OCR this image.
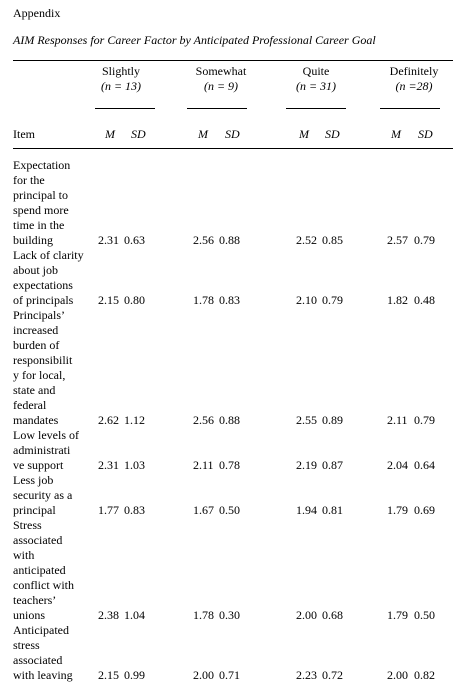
Appendix
AIM Responses for Career Factor by Anticipated Professional Career Goal
Slightly
(n = 13)
Somewhat
(n = 9)
Quite
(n = 31)
Definitely
(n =28)
Item	M SD	M SD	M SD	M SD
Expectation
for the
principal to
spend more
time in the
building	2.31 0.63	2.56 0.88	2.52 0.85	2.57 0.79
Lack of clarity
about job
expectations
of principals	2.15 0.80	1.78 0.83	2.10 0.79	1.82 0.48
Principals’
increased
burden of
responsibilit
y for local,
state and
federal
mandates	2.62 1.12	2.56 0.88	2.55 0.89	2.11 0.79
Low levels of
administrati
ve support	2.31 1.03	2.11 0.78	2.19 0.87	2.04 0.64
Less job
security as a
principal	1.77 0.83	1.67 0.50	1.94 0.81	1.79 0.69
Stress
associated
with
anticipated
conflict with
teachers’
unions	2.38 1.04	1.78 0.30	2.00 0.68	1.79 0.50
Anticipated
stress
associated
with leaving	2.15 0.99	2.00 0.71	2.23 0.72	2.00 0.82
